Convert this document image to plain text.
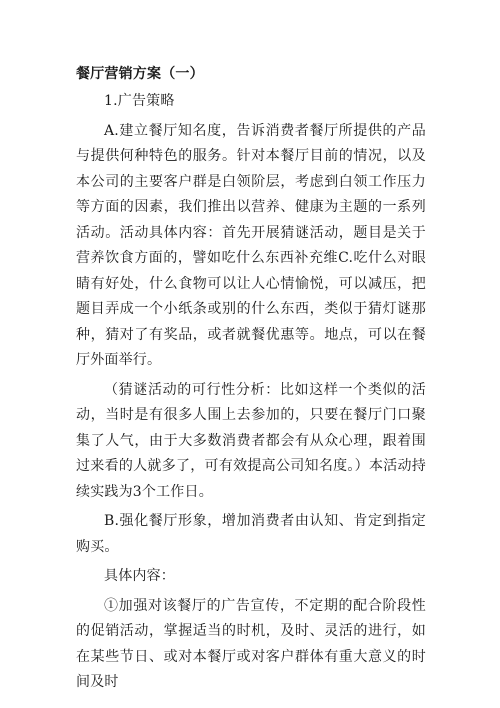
餐厅营销方案（一）

1.广告策略

A.建立餐厅知名度，告诉消费者餐厅所提供的产品与提供何种特色的服务。针对本餐厅目前的情况，以及本公司的主要客户群是白领阶层，考虑到白领工作压力等方面的因素，我们推出以营养、健康为主题的一系列活动。活动具体内容：首先开展猜谜活动，题目是关于营养饮食方面的，譬如吃什么东西补充维C.吃什么对眼睛有好处，什么食物可以让人心情愉悦，可以减压，把题目弄成一个小纸条或别的什么东西，类似于猜灯谜那种，猜对了有奖品，或者就餐优惠等。地点，可以在餐厅外面举行。

（猜谜活动的可行性分析：比如这样一个类似的活动，当时是有很多人围上去参加的，只要在餐厅门口聚集了人气，由于大多数消费者都会有从众心理，跟着围过来看的人就多了，可有效提高公司知名度。）本活动持续实践为3个工作日。

B.强化餐厅形象，增加消费者由认知、肯定到指定购买。

具体内容：

①加强对该餐厅的广告宣传，不定期的配合阶段性的促销活动，掌握适当的时机，及时、灵活的进行，如在某些节日、或对本餐厅或对客户群体有重大意义的时间及时
